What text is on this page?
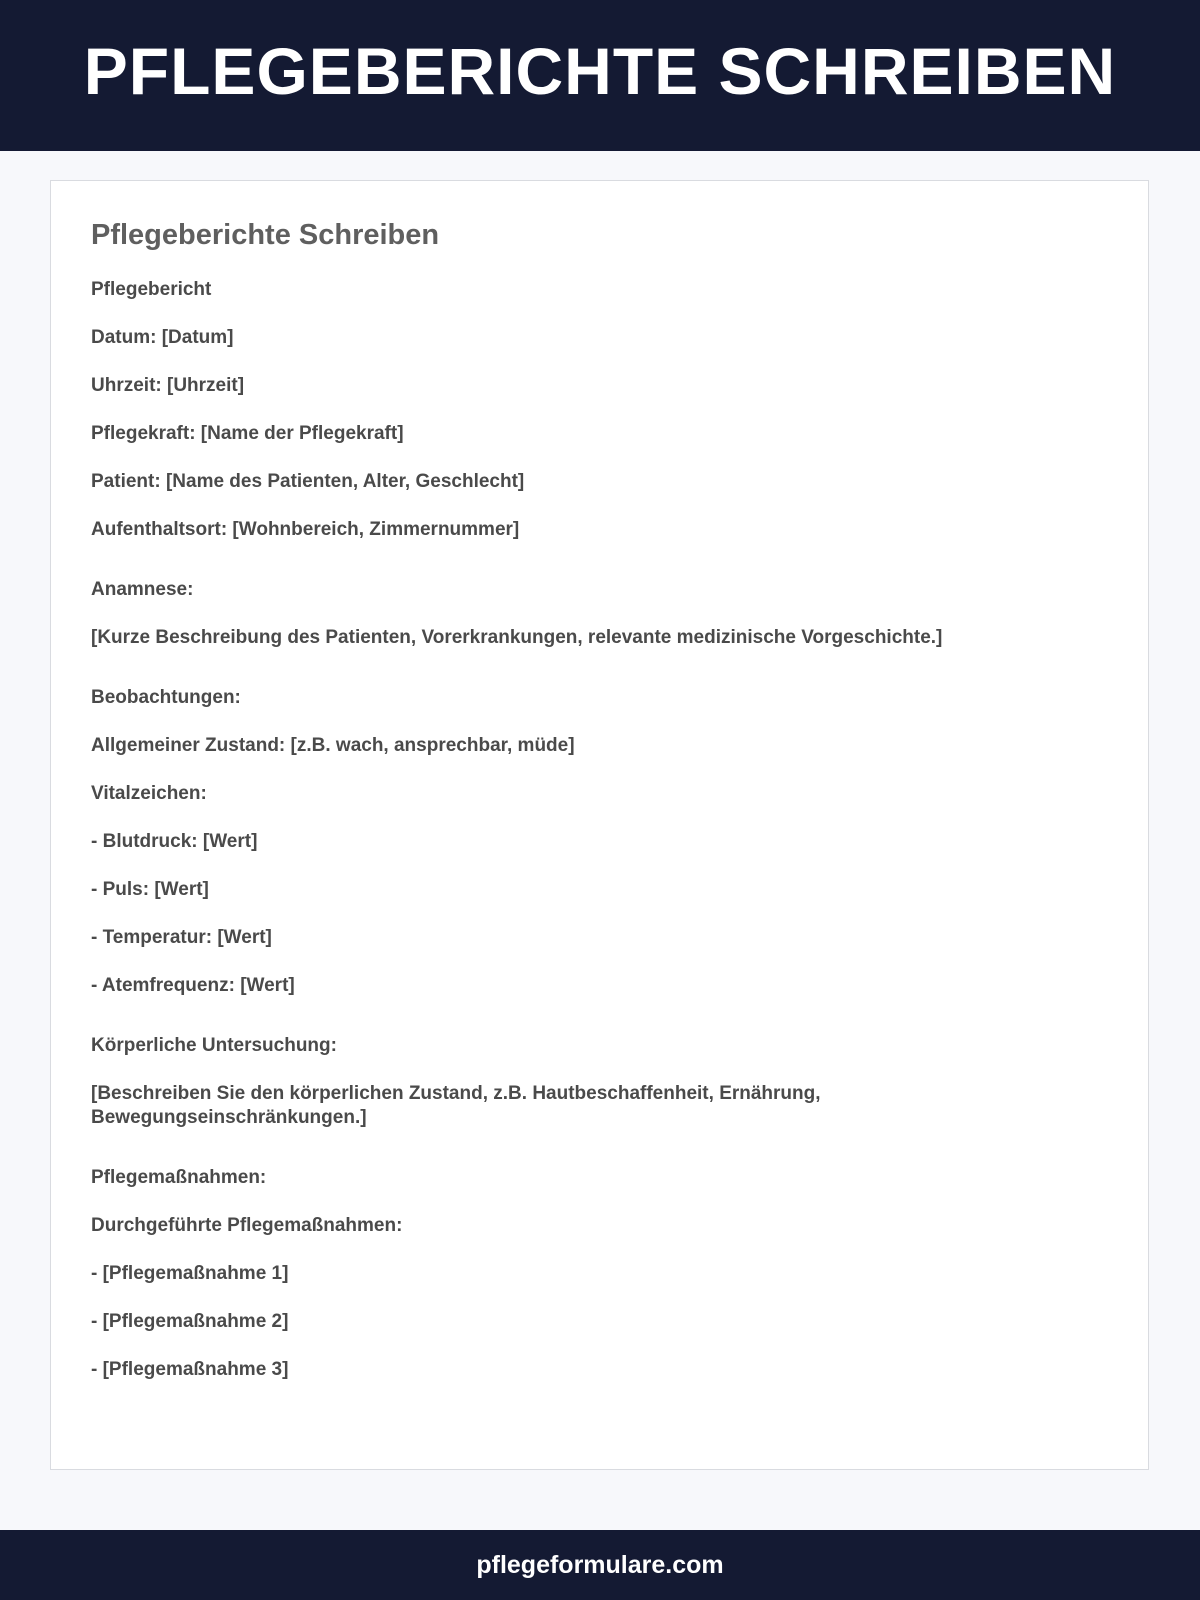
PFLEGEBERICHTE SCHREIBEN
Pflegeberichte Schreiben

Pflegebericht

Datum: [Datum]

Uhrzeit: [Uhrzeit]

Pflegekraft: [Name der Pflegekraft]

Patient: [Name des Patienten, Alter, Geschlecht]

Aufenthaltsort: [Wohnbereich, Zimmernummer]

Anamnese:

[Kurze Beschreibung des Patienten, Vorerkrankungen, relevante medizinische Vorgeschichte.]

Beobachtungen:

Allgemeiner Zustand: [z.B. wach, ansprechbar, müde]

Vitalzeichen:

- Blutdruck: [Wert]

- Puls: [Wert]

- Temperatur: [Wert]

- Atemfrequenz: [Wert]

Körperliche Untersuchung:

[Beschreiben Sie den körperlichen Zustand, z.B. Hautbeschaffenheit, Ernährung,

Bewegungseinschränkungen.]

Pflegemaßnahmen:

Durchgeführte Pflegemaßnahmen:

- [Pflegemaßnahme 1]

- [Pflegemaßnahme 2]

- [Pflegemaßnahme 3]

pflegeformulare.com
